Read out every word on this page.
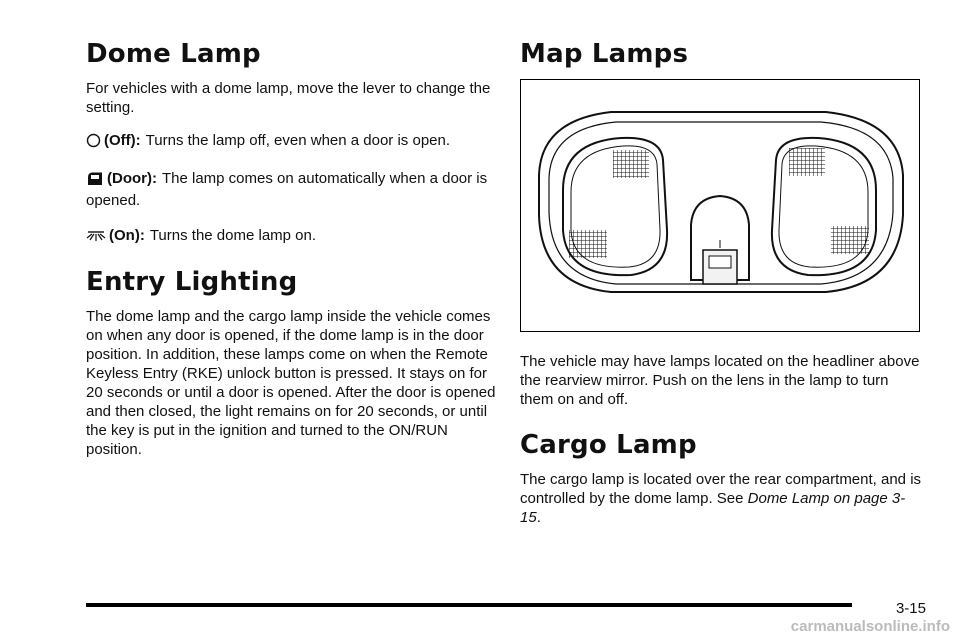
Dome Lamp

For vehicles with a dome lamp, move the lever to change the setting.

(Off): Turns the lamp off, even when a door is open.

(Door): The lamp comes on automatically when a door is opened.

(On): Turns the dome lamp on.

Entry Lighting

The dome lamp and the cargo lamp inside the vehicle comes on when any door is opened, if the dome lamp is in the door position. In addition, these lamps come on when the Remote Keyless Entry (RKE) unlock button is pressed. It stays on for 20 seconds or until a door is opened. After the door is opened and then closed, the light remains on for 20 seconds, or until the key is put in the ignition and turned to the ON/RUN position.

Map Lamps

The vehicle may have lamps located on the headliner above the rearview mirror. Push on the lens in the lamp to turn them on and off.

Cargo Lamp

The cargo lamp is located over the rear compartment, and is controlled by the dome lamp. See Dome Lamp on page 3-15.

3-15
carmanualsonline.info
